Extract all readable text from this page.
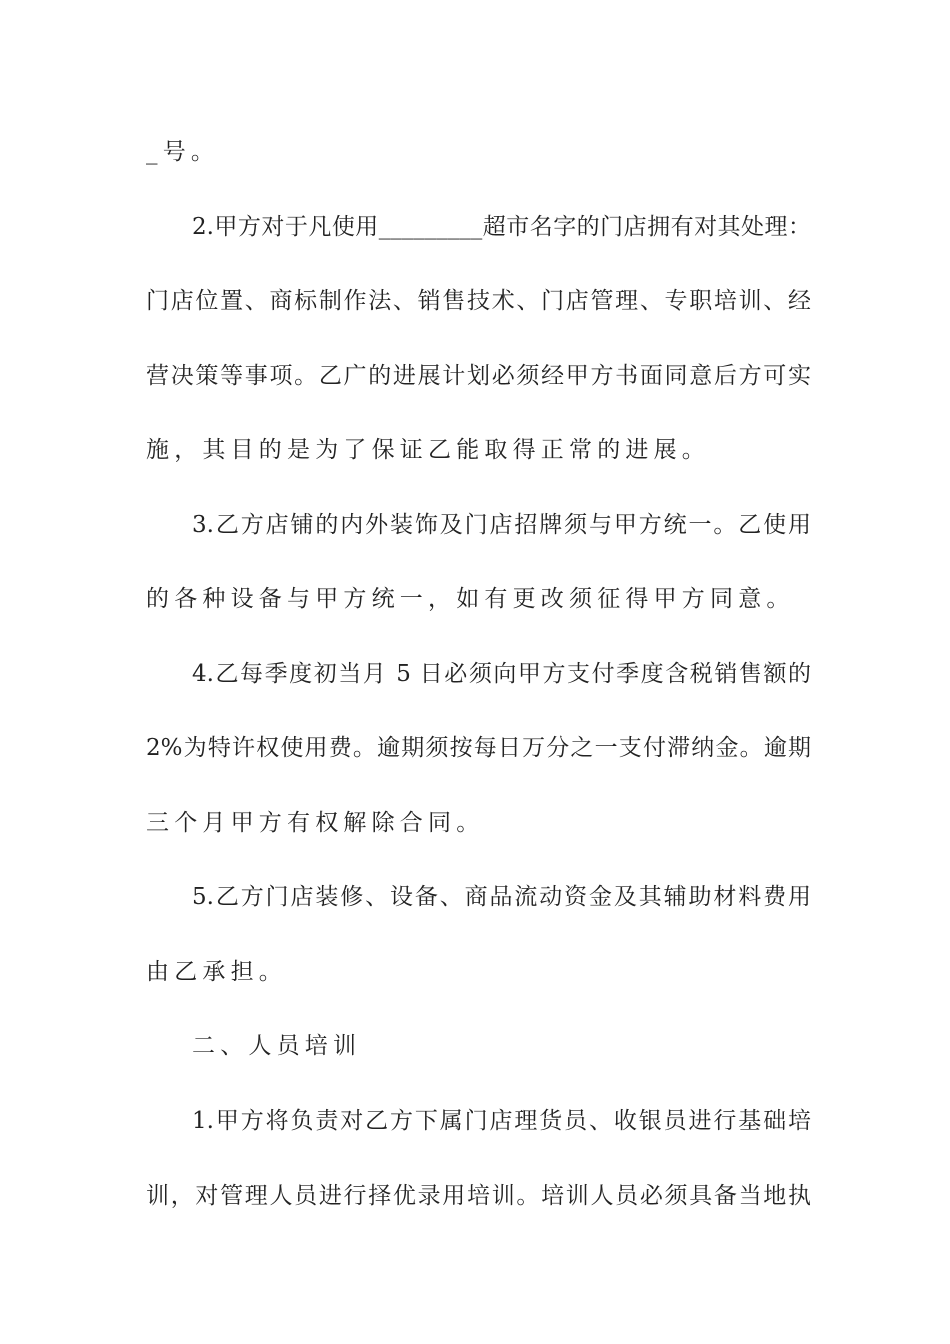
_号。
2.甲方对于凡使用_________超市名字的门店拥有对其处理：
门店位置、商标制作法、销售技术、门店管理、专职培训、经
营决策等事项。乙广的进展计划必须经甲方书面同意后方可实
施，其目的是为了保证乙能取得正常的进展。
3.乙方店铺的内外装饰及门店招牌须与甲方统一。乙使用
的各种设备与甲方统一，如有更改须征得甲方同意。
4.乙每季度初当月 5 日必须向甲方支付季度含税销售额的
2%为特许权使用费。逾期须按每日万分之一支付滞纳金。逾期
三个月甲方有权解除合同。
5.乙方门店装修、设备、商品流动资金及其辅助材料费用
由乙承担。
二、人员培训
1.甲方将负责对乙方下属门店理货员、收银员进行基础培
训，对管理人员进行择优录用培训。培训人员必须具备当地执
